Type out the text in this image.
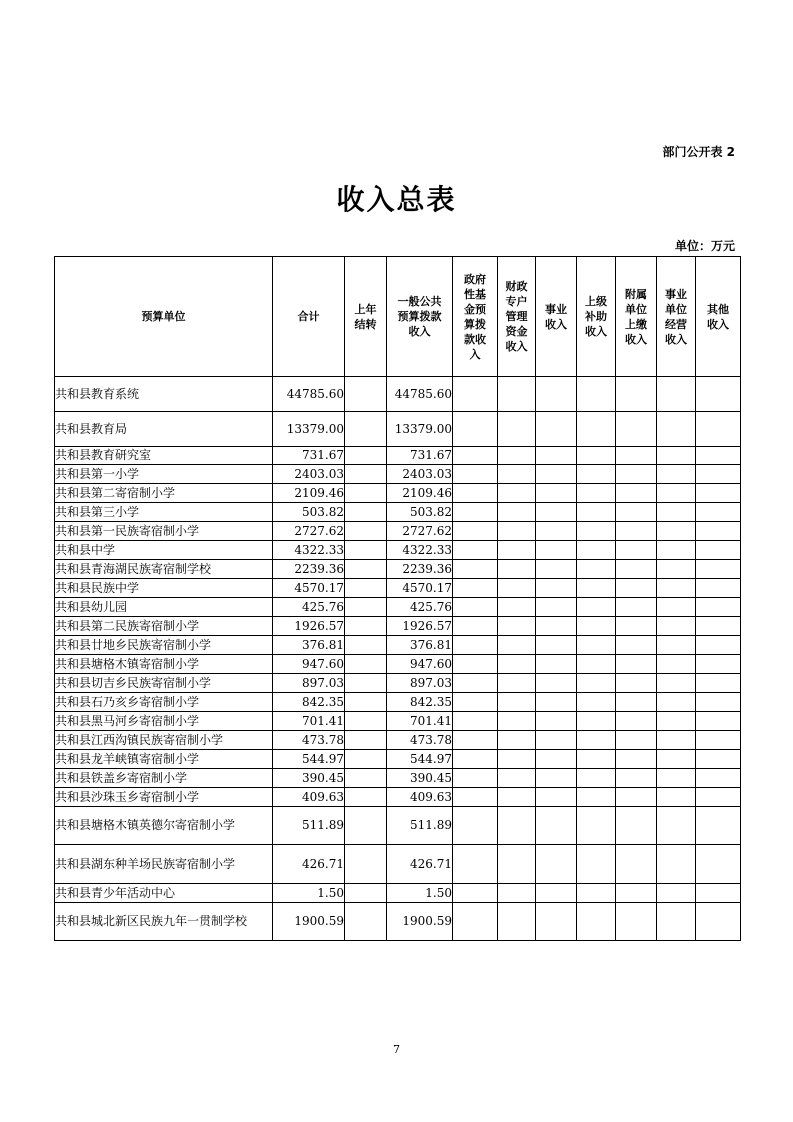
部门公开表 2
收入总表
单位：万元
预算单位	合计	上年结转	一般公共预算拨款收入	政府性基金预算拨款收入	财政专户管理资金收入	事业收入	上级补助收入	附属单位上缴收入	事业单位经营收入	其他收入
共和县教育系统	44785.60		44785.60							
共和县教育局	13379.00		13379.00							
共和县教育研究室	731.67		731.67							
共和县第一小学	2403.03		2403.03							
共和县第二寄宿制小学	2109.46		2109.46							
共和县第三小学	503.82		503.82							
共和县第一民族寄宿制小学	2727.62		2727.62							
共和县中学	4322.33		4322.33							
共和县青海湖民族寄宿制学校	2239.36		2239.36							
共和县民族中学	4570.17		4570.17							
共和县幼儿园	425.76		425.76							
共和县第二民族寄宿制小学	1926.57		1926.57							
共和县廿地乡民族寄宿制小学	376.81		376.81							
共和县塘格木镇寄宿制小学	947.60		947.60							
共和县切吉乡民族寄宿制小学	897.03		897.03							
共和县石乃亥乡寄宿制小学	842.35		842.35							
共和县黑马河乡寄宿制小学	701.41		701.41							
共和县江西沟镇民族寄宿制小学	473.78		473.78							
共和县龙羊峡镇寄宿制小学	544.97		544.97							
共和县铁盖乡寄宿制小学	390.45		390.45							
共和县沙珠玉乡寄宿制小学	409.63		409.63							
共和县塘格木镇英德尔寄宿制小学	511.89		511.89							
共和县湖东种羊场民族寄宿制小学	426.71		426.71							
共和县青少年活动中心	1.50		1.50							
共和县城北新区民族九年一贯制学校	1900.59		1900.59							
7
